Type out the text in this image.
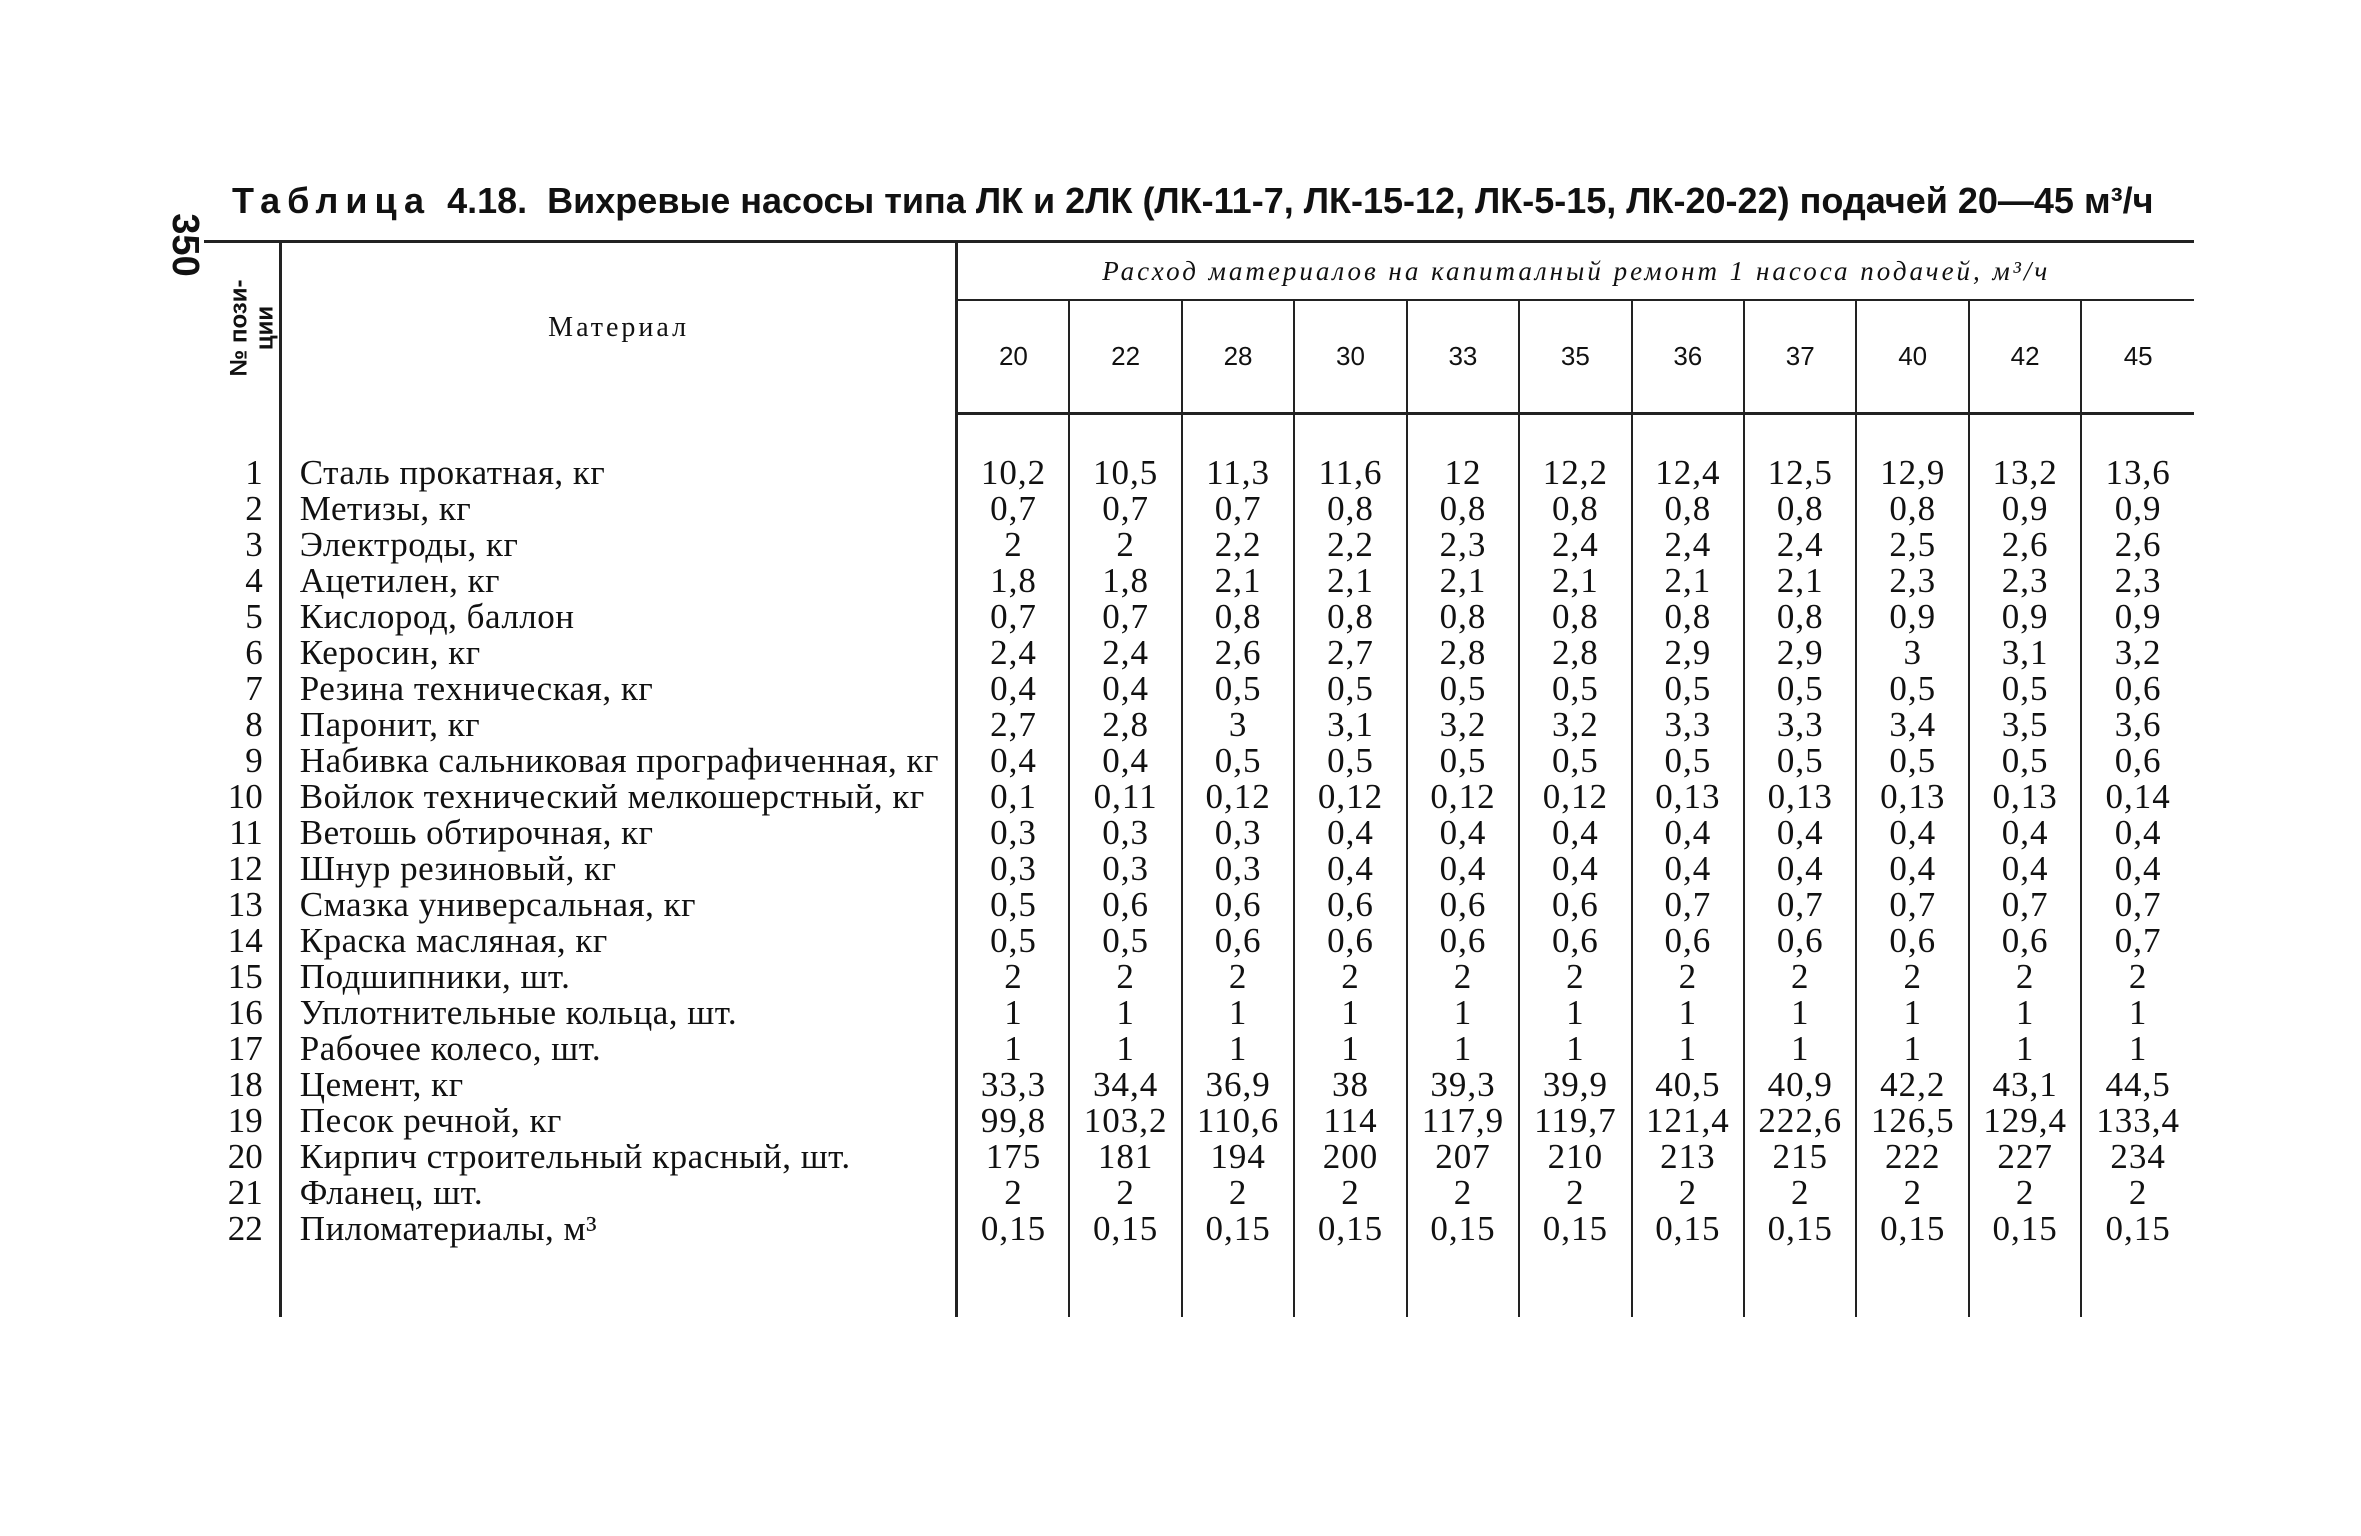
350
Таблица 4.18. Вихревые насосы типа ЛК и 2ЛК (ЛК-11-7, ЛК-15-12, ЛК-5-15, ЛК-20-22) подачей 20—45 м³/ч
№ пози-
ции	Материал	Расход материалов на капиталный ремонт 1 насоса подачей, м³/ч										
		20	22	28	30	33	35	36	37	40	42	45

1	Сталь прокатная, кг	10,2	10,5	11,3	11,6	12	12,2	12,4	12,5	12,9	13,2	13,6
2	Метизы, кг	0,7	0,7	0,7	0,8	0,8	0,8	0,8	0,8	0,8	0,9	0,9
3	Электроды, кг	2	2	2,2	2,2	2,3	2,4	2,4	2,4	2,5	2,6	2,6
4	Ацетилен, кг	1,8	1,8	2,1	2,1	2,1	2,1	2,1	2,1	2,3	2,3	2,3
5	Кислород, баллон	0,7	0,7	0,8	0,8	0,8	0,8	0,8	0,8	0,9	0,9	0,9
6	Керосин, кг	2,4	2,4	2,6	2,7	2,8	2,8	2,9	2,9	3	3,1	3,2
7	Резина техническая, кг	0,4	0,4	0,5	0,5	0,5	0,5	0,5	0,5	0,5	0,5	0,6
8	Паронит, кг	2,7	2,8	3	3,1	3,2	3,2	3,3	3,3	3,4	3,5	3,6
9	Набивка сальниковая прографиченная, кг	0,4	0,4	0,5	0,5	0,5	0,5	0,5	0,5	0,5	0,5	0,6
10	Войлок технический мелкошерстный, кг	0,1	0,11	0,12	0,12	0,12	0,12	0,13	0,13	0,13	0,13	0,14
11	Ветошь обтирочная, кг	0,3	0,3	0,3	0,4	0,4	0,4	0,4	0,4	0,4	0,4	0,4
12	Шнур резиновый, кг	0,3	0,3	0,3	0,4	0,4	0,4	0,4	0,4	0,4	0,4	0,4
13	Смазка универсальная, кг	0,5	0,6	0,6	0,6	0,6	0,6	0,7	0,7	0,7	0,7	0,7
14	Краска масляная, кг	0,5	0,5	0,6	0,6	0,6	0,6	0,6	0,6	0,6	0,6	0,7
15	Подшипники, шт.	2	2	2	2	2	2	2	2	2	2	2
16	Уплотнительные кольца, шт.	1	1	1	1	1	1	1	1	1	1	1
17	Рабочее колесо, шт.	1	1	1	1	1	1	1	1	1	1	1
18	Цемент, кг	33,3	34,4	36,9	38	39,3	39,9	40,5	40,9	42,2	43,1	44,5
19	Песок речной, кг	99,8	103,2	110,6	114	117,9	119,7	121,4	222,6	126,5	129,4	133,4
20	Кирпич строительный красный, шт.	175	181	194	200	207	210	213	215	222	227	234
21	Фланец, шт.	2	2	2	2	2	2	2	2	2	2	2
22	Пиломатериалы, м³	0,15	0,15	0,15	0,15	0,15	0,15	0,15	0,15	0,15	0,15	0,15
